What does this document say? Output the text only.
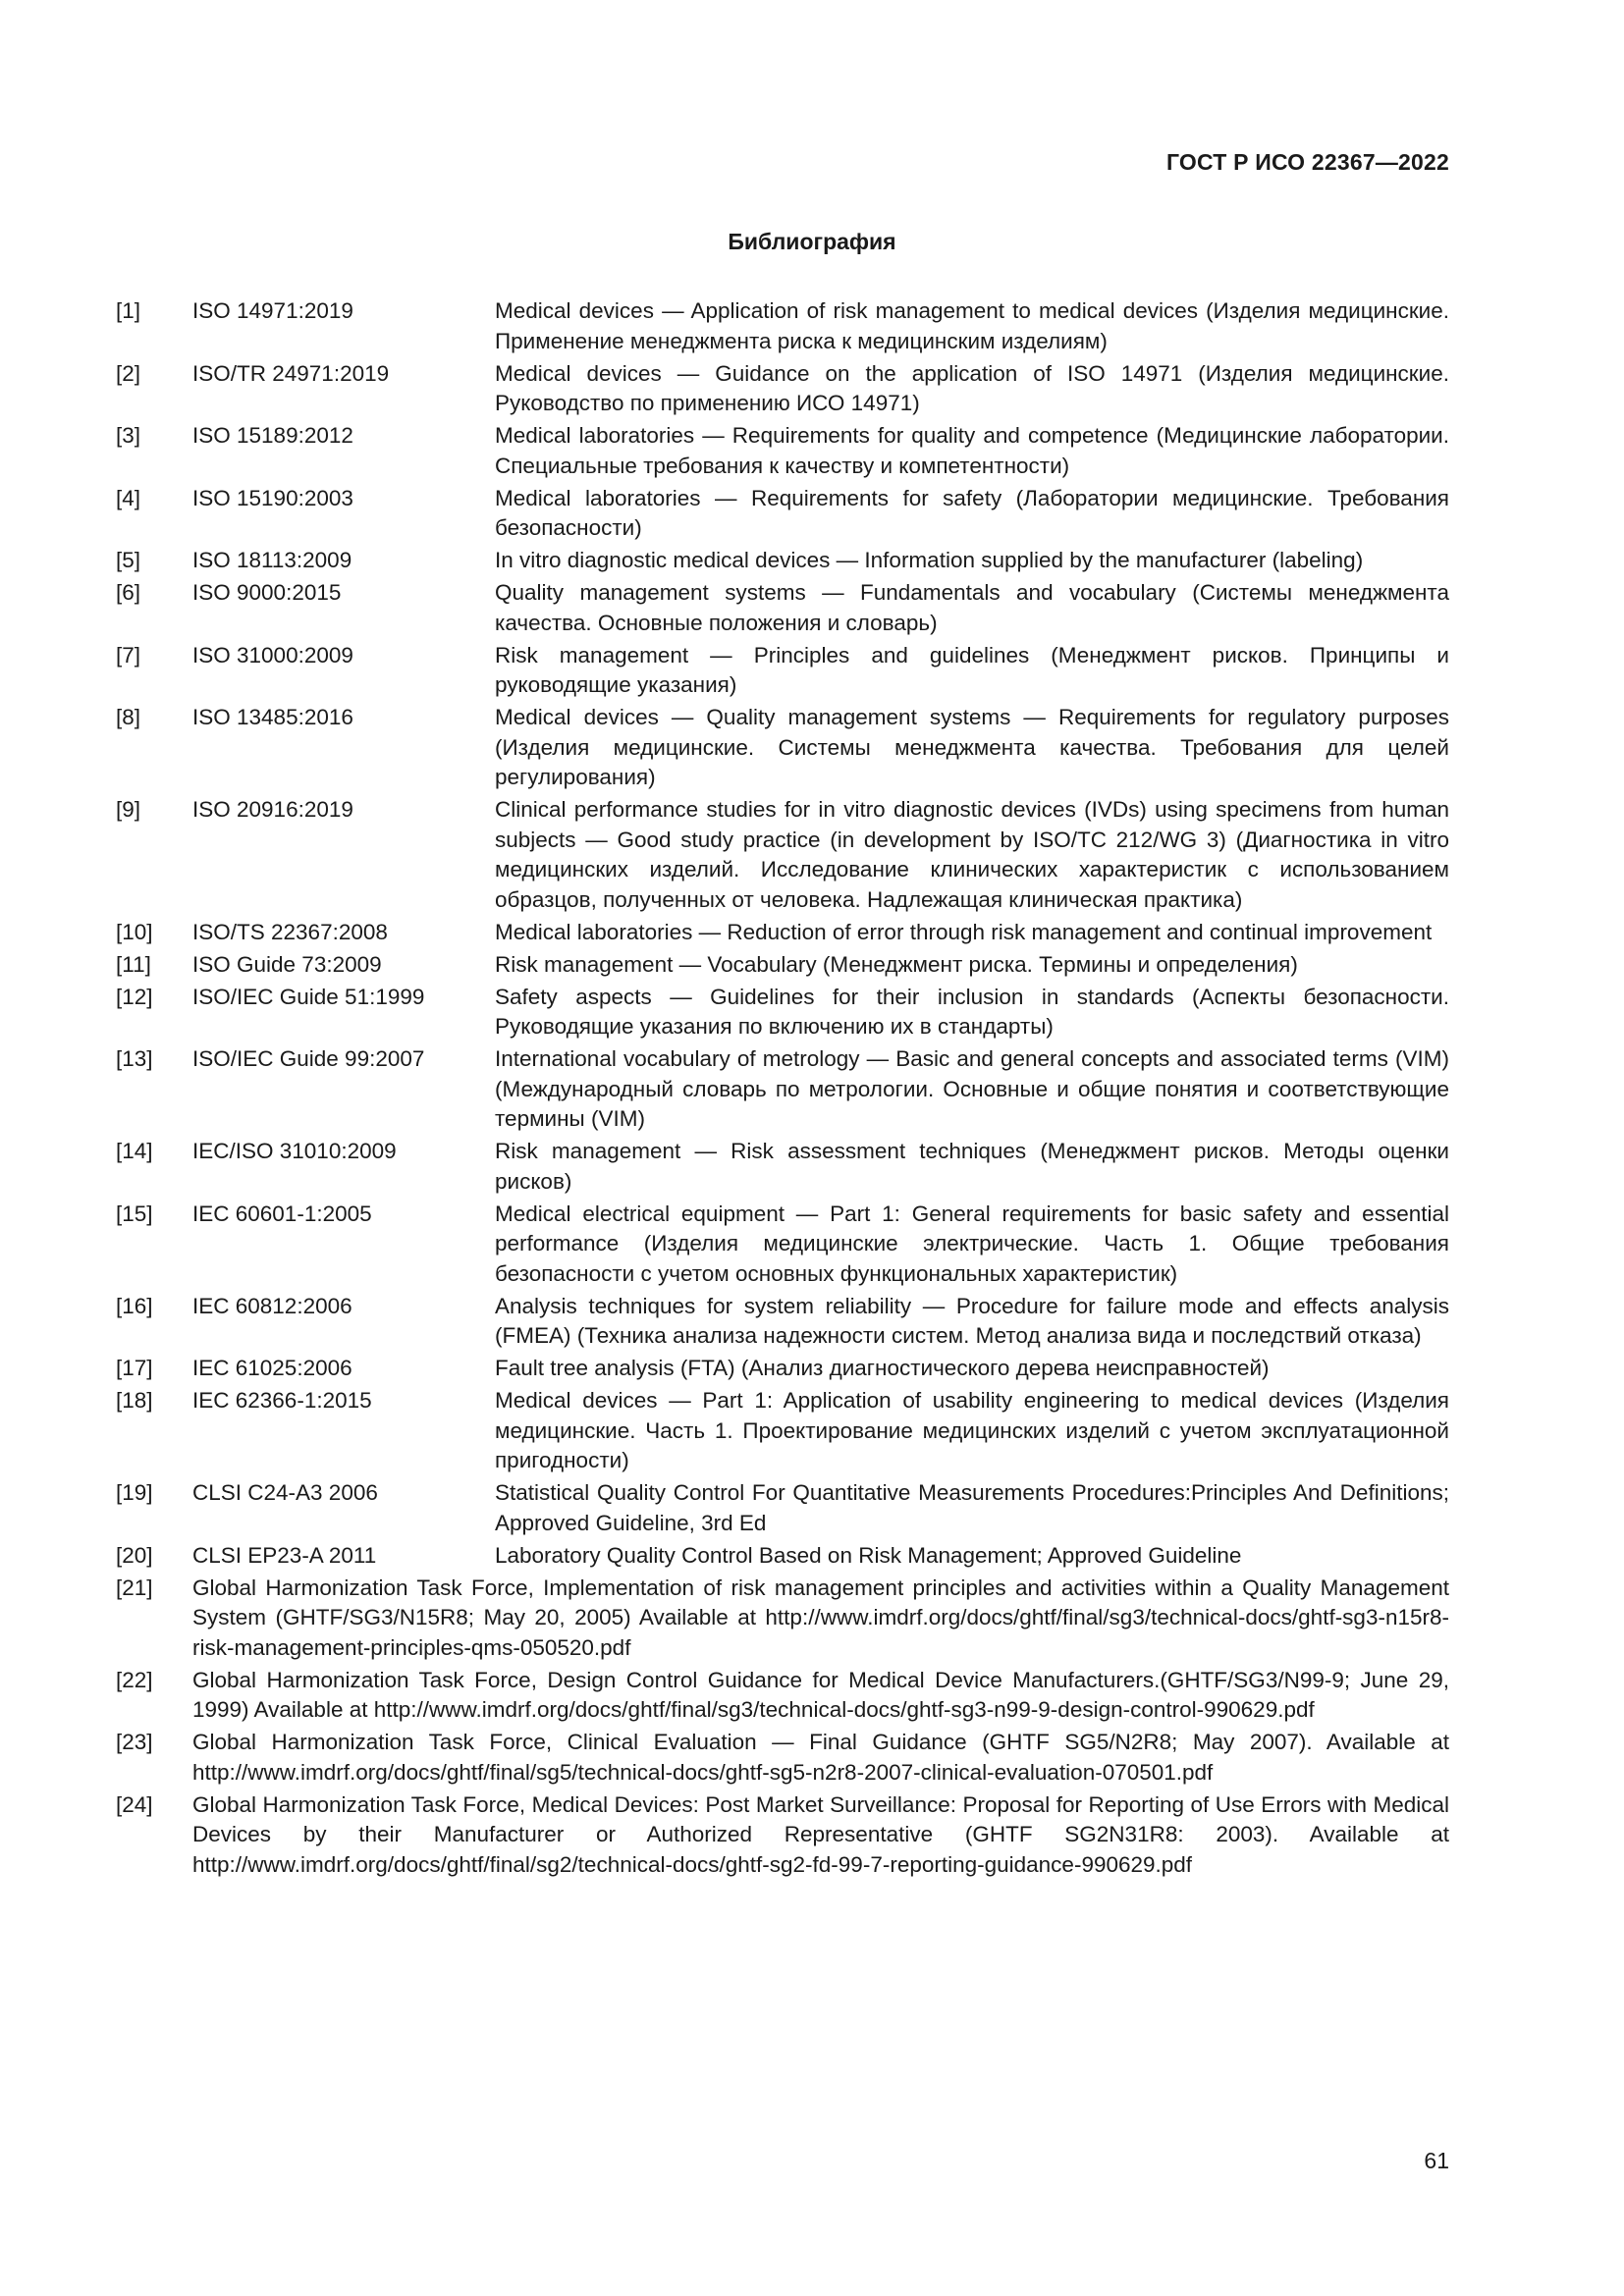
ГОСТ Р ИСО 22367—2022
Библиография
[1]	ISO 14971:2019	Medical devices — Application of risk management to medical devices (Изделия медицинские. Применение менеджмента риска к медицинским изделиям)
[2]	ISO/TR 24971:2019	Medical devices — Guidance on the application of ISO 14971 (Изделия медицинские. Руководство по применению ИСО 14971)
[3]	ISO 15189:2012	Medical laboratories — Requirements for quality and competence (Медицинские лаборатории. Специальные требования к качеству и компетентности)
[4]	ISO 15190:2003	Medical laboratories — Requirements for safety (Лаборатории медицинские. Требования безопасности)
[5]	ISO 18113:2009	In vitro diagnostic medical devices — Information supplied by the manufacturer (labeling)
[6]	ISO 9000:2015	Quality management systems — Fundamentals and vocabulary (Системы менеджмента качества. Основные положения и словарь)
[7]	ISO 31000:2009	Risk management — Principles and guidelines (Менеджмент рисков. Принципы и руководящие указания)
[8]	ISO 13485:2016	Medical devices — Quality management systems — Requirements for regulatory purposes (Изделия медицинские. Системы менеджмента качества. Требования для целей регулирования)
[9]	ISO 20916:2019	Clinical performance studies for in vitro diagnostic devices (IVDs) using specimens from human subjects — Good study practice (in development by ISO/TC 212/WG 3) (Диагностика in vitro медицинских изделий. Исследование клинических характеристик с использованием образцов, полученных от человека. Надлежащая клиническая практика)
[10]	ISO/TS 22367:2008	Medical laboratories — Reduction of error through risk management and continual improvement
[11]	ISO Guide 73:2009	Risk management — Vocabulary (Менеджмент риска. Термины и определения)
[12]	ISO/IEC Guide 51:1999	Safety aspects — Guidelines for their inclusion in standards (Аспекты безопасности. Руководящие указания по включению их в стандарты)
[13]	ISO/IEC Guide 99:2007	International vocabulary of metrology — Basic and general concepts and associated terms (VIM) (Международный словарь по метрологии. Основные и общие понятия и соответствующие термины (VIM)
[14]	IEC/ISO 31010:2009	Risk management — Risk assessment techniques (Менеджмент рисков. Методы оценки рисков)
[15]	IEC 60601-1:2005	Medical electrical equipment — Part 1: General requirements for basic safety and essential performance (Изделия медицинские электрические. Часть 1. Общие требования безопасности с учетом основных функциональных характеристик)
[16]	IEC 60812:2006	Analysis techniques for system reliability — Procedure for failure mode and effects analysis (FMEA) (Техника анализа надежности систем. Метод анализа вида и последствий отказа)
[17]	IEC 61025:2006	Fault tree analysis (FTA) (Анализ диагностического дерева неисправностей)
[18]	IEC 62366-1:2015	Medical devices — Part 1: Application of usability engineering to medical devices (Изделия медицинские. Часть 1. Проектирование медицинских изделий с учетом эксплуатационной пригодности)
[19]	CLSI C24-A3 2006	Statistical Quality Control For Quantitative Measurements Procedures:Principles And Definitions; Approved Guideline, 3rd Ed
[20]	CLSI EP23-A 2011	Laboratory Quality Control Based on Risk Management; Approved Guideline
[21]	Global Harmonization Task Force, Implementation of risk management principles and activities within a Quality Management System (GHTF/SG3/N15R8; May 20, 2005) Available at http://www.imdrf.org/docs/ghtf/final/sg3/technical-docs/ghtf-sg3-n15r8-risk-management-principles-qms-050520.pdf
[22]	Global Harmonization Task Force, Design Control Guidance for Medical Device Manufacturers.(GHTF/SG3/N99-9; June 29, 1999) Available at http://www.imdrf.org/docs/ghtf/final/sg3/technical-docs/ghtf-sg3-n99-9-design-control-990629.pdf
[23]	Global Harmonization Task Force, Clinical Evaluation — Final Guidance (GHTF SG5/N2R8; May 2007). Available at http://www.imdrf.org/docs/ghtf/final/sg5/technical-docs/ghtf-sg5-n2r8-2007-clinical-evaluation-070501.pdf
[24]	Global Harmonization Task Force, Medical Devices: Post Market Surveillance: Proposal for Reporting of Use Errors with Medical Devices by their Manufacturer or Authorized Representative (GHTF SG2N31R8: 2003). Available at http://www.imdrf.org/docs/ghtf/final/sg2/technical-docs/ghtf-sg2-fd-99-7-reporting-guidance-990629.pdf
61
